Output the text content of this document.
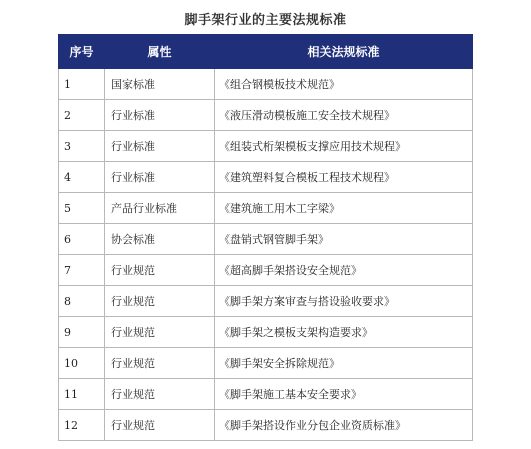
脚手架行业的主要法规标准
序号	属性	相关法规标准
1	国家标准	《组合钢模板技术规范》
2	行业标准	《液压滑动模板施工安全技术规程》
3	行业标准	《组装式桁架模板支撑应用技术规程》
4	行业标准	《建筑塑料复合模板工程技术规程》
5	产品行业标准	《建筑施工用木工字梁》
6	协会标准	《盘销式钢管脚手架》
7	行业规范	《超高脚手架搭设安全规范》
8	行业规范	《脚手架方案审查与搭设验收要求》
9	行业规范	《脚手架之模板支架构造要求》
10	行业规范	《脚手架安全拆除规范》
11	行业规范	《脚手架施工基本安全要求》
12	行业规范	《脚手架搭设作业分包企业资质标准》
